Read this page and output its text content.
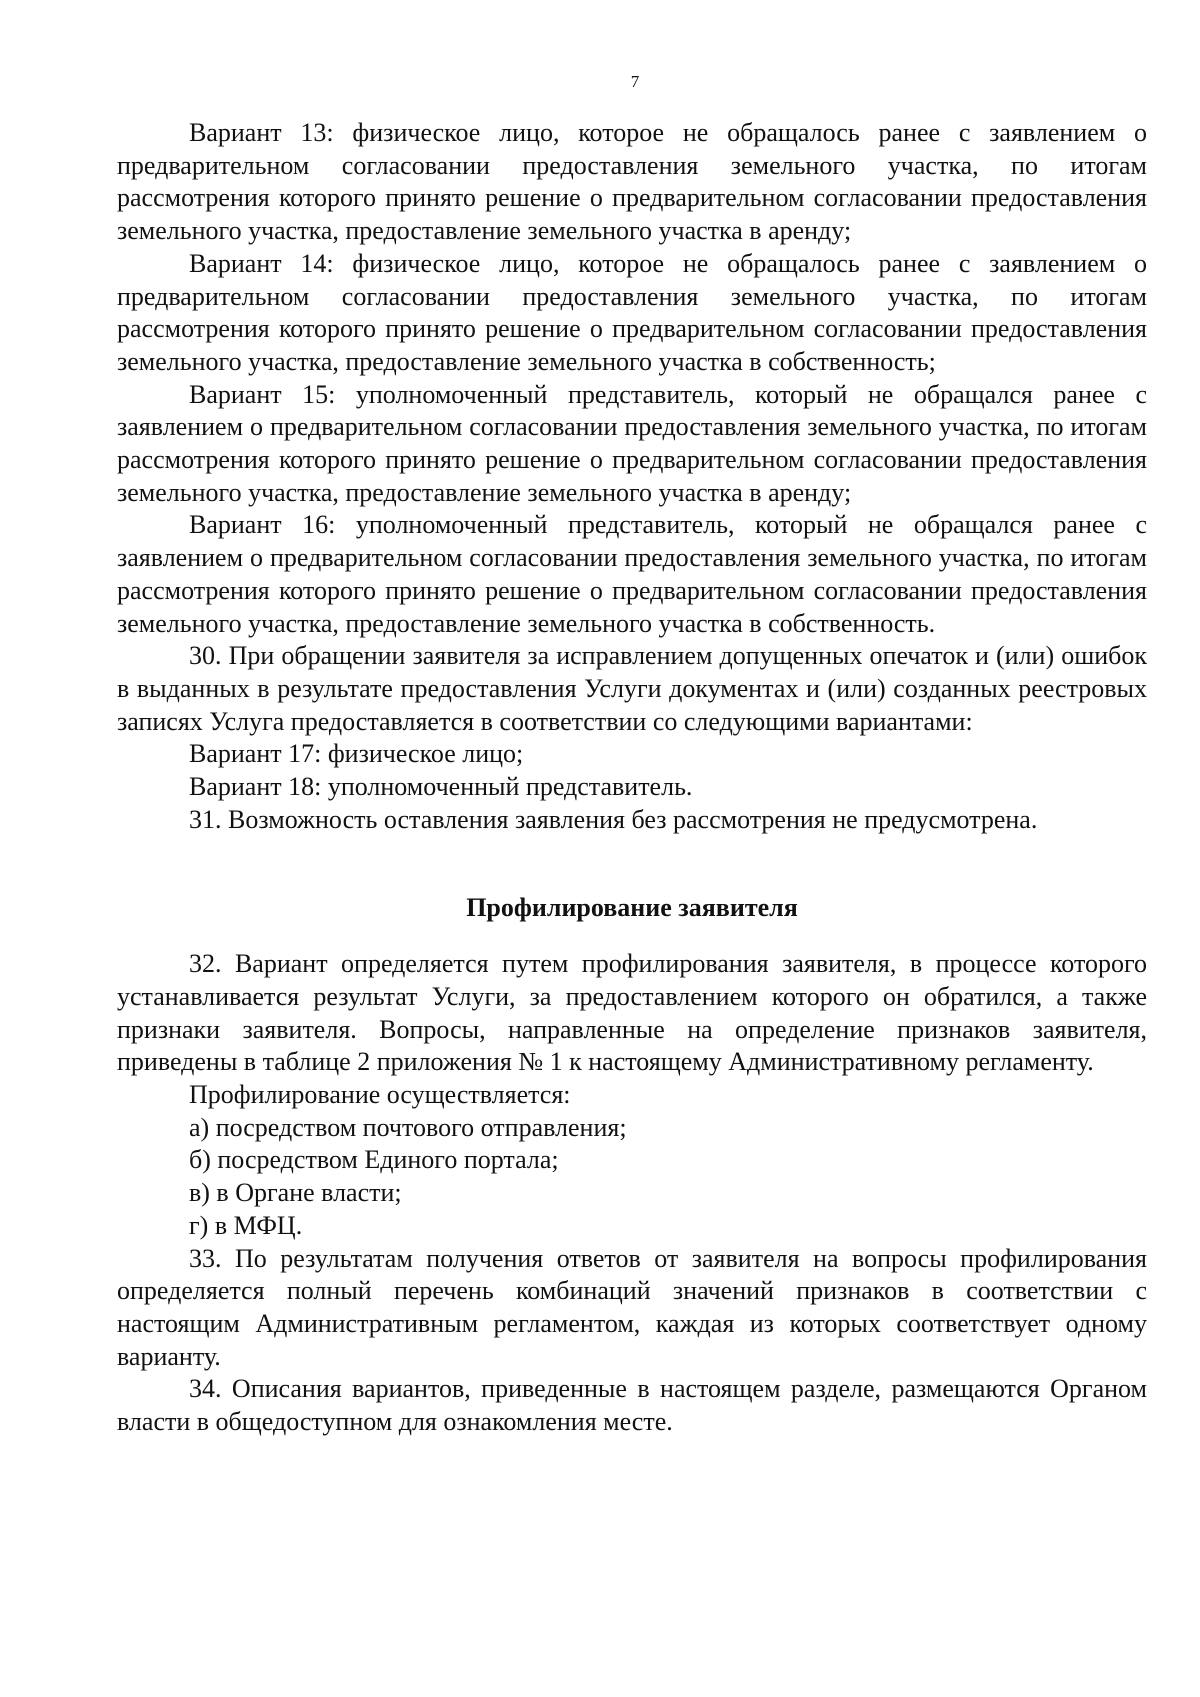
7

Вариант 13: физическое лицо, которое не обращалось ранее с заявлением о предварительном согласовании предоставления земельного участка, по итогам рассмотрения которого принято решение о предварительном согласовании предоставления земельного участка, предоставление земельного участка в аренду;

Вариант 14: физическое лицо, которое не обращалось ранее с заявлением о предварительном согласовании предоставления земельного участка, по итогам рассмотрения которого принято решение о предварительном согласовании предоставления земельного участка, предоставление земельного участка в собственность;

Вариант 15: уполномоченный представитель, который не обращался ранее с заявлением о предварительном согласовании предоставления земельного участка, по итогам рассмотрения которого принято решение о предварительном согласовании предоставления земельного участка, предоставление земельного участка в аренду;

Вариант 16: уполномоченный представитель, который не обращался ранее с заявлением о предварительном согласовании предоставления земельного участка, по итогам рассмотрения которого принято решение о предварительном согласовании предоставления земельного участка, предоставление земельного участка в собственность.

30. При обращении заявителя за исправлением допущенных опечаток и (или) ошибок в выданных в результате предоставления Услуги документах и (или) созданных реестровых записях Услуга предоставляется в соответствии со следующими вариантами:

Вариант 17: физическое лицо;

Вариант 18: уполномоченный представитель.

31. Возможность оставления заявления без рассмотрения не предусмотрена.

Профилирование заявителя

32. Вариант определяется путем профилирования заявителя, в процессе которого устанавливается результат Услуги, за предоставлением которого он обратился, а также признаки заявителя. Вопросы, направленные на определение признаков заявителя, приведены в таблице 2 приложения № 1 к настоящему Административному регламенту.

Профилирование осуществляется:

а) посредством почтового отправления;

б) посредством Единого портала;

в) в Органе власти;

г) в МФЦ.

33. По результатам получения ответов от заявителя на вопросы профилирования определяется полный перечень комбинаций значений признаков в соответствии с настоящим Административным регламентом, каждая из которых соответствует одному варианту.

34. Описания вариантов, приведенные в настоящем разделе, размещаются Органом власти в общедоступном для ознакомления месте.
